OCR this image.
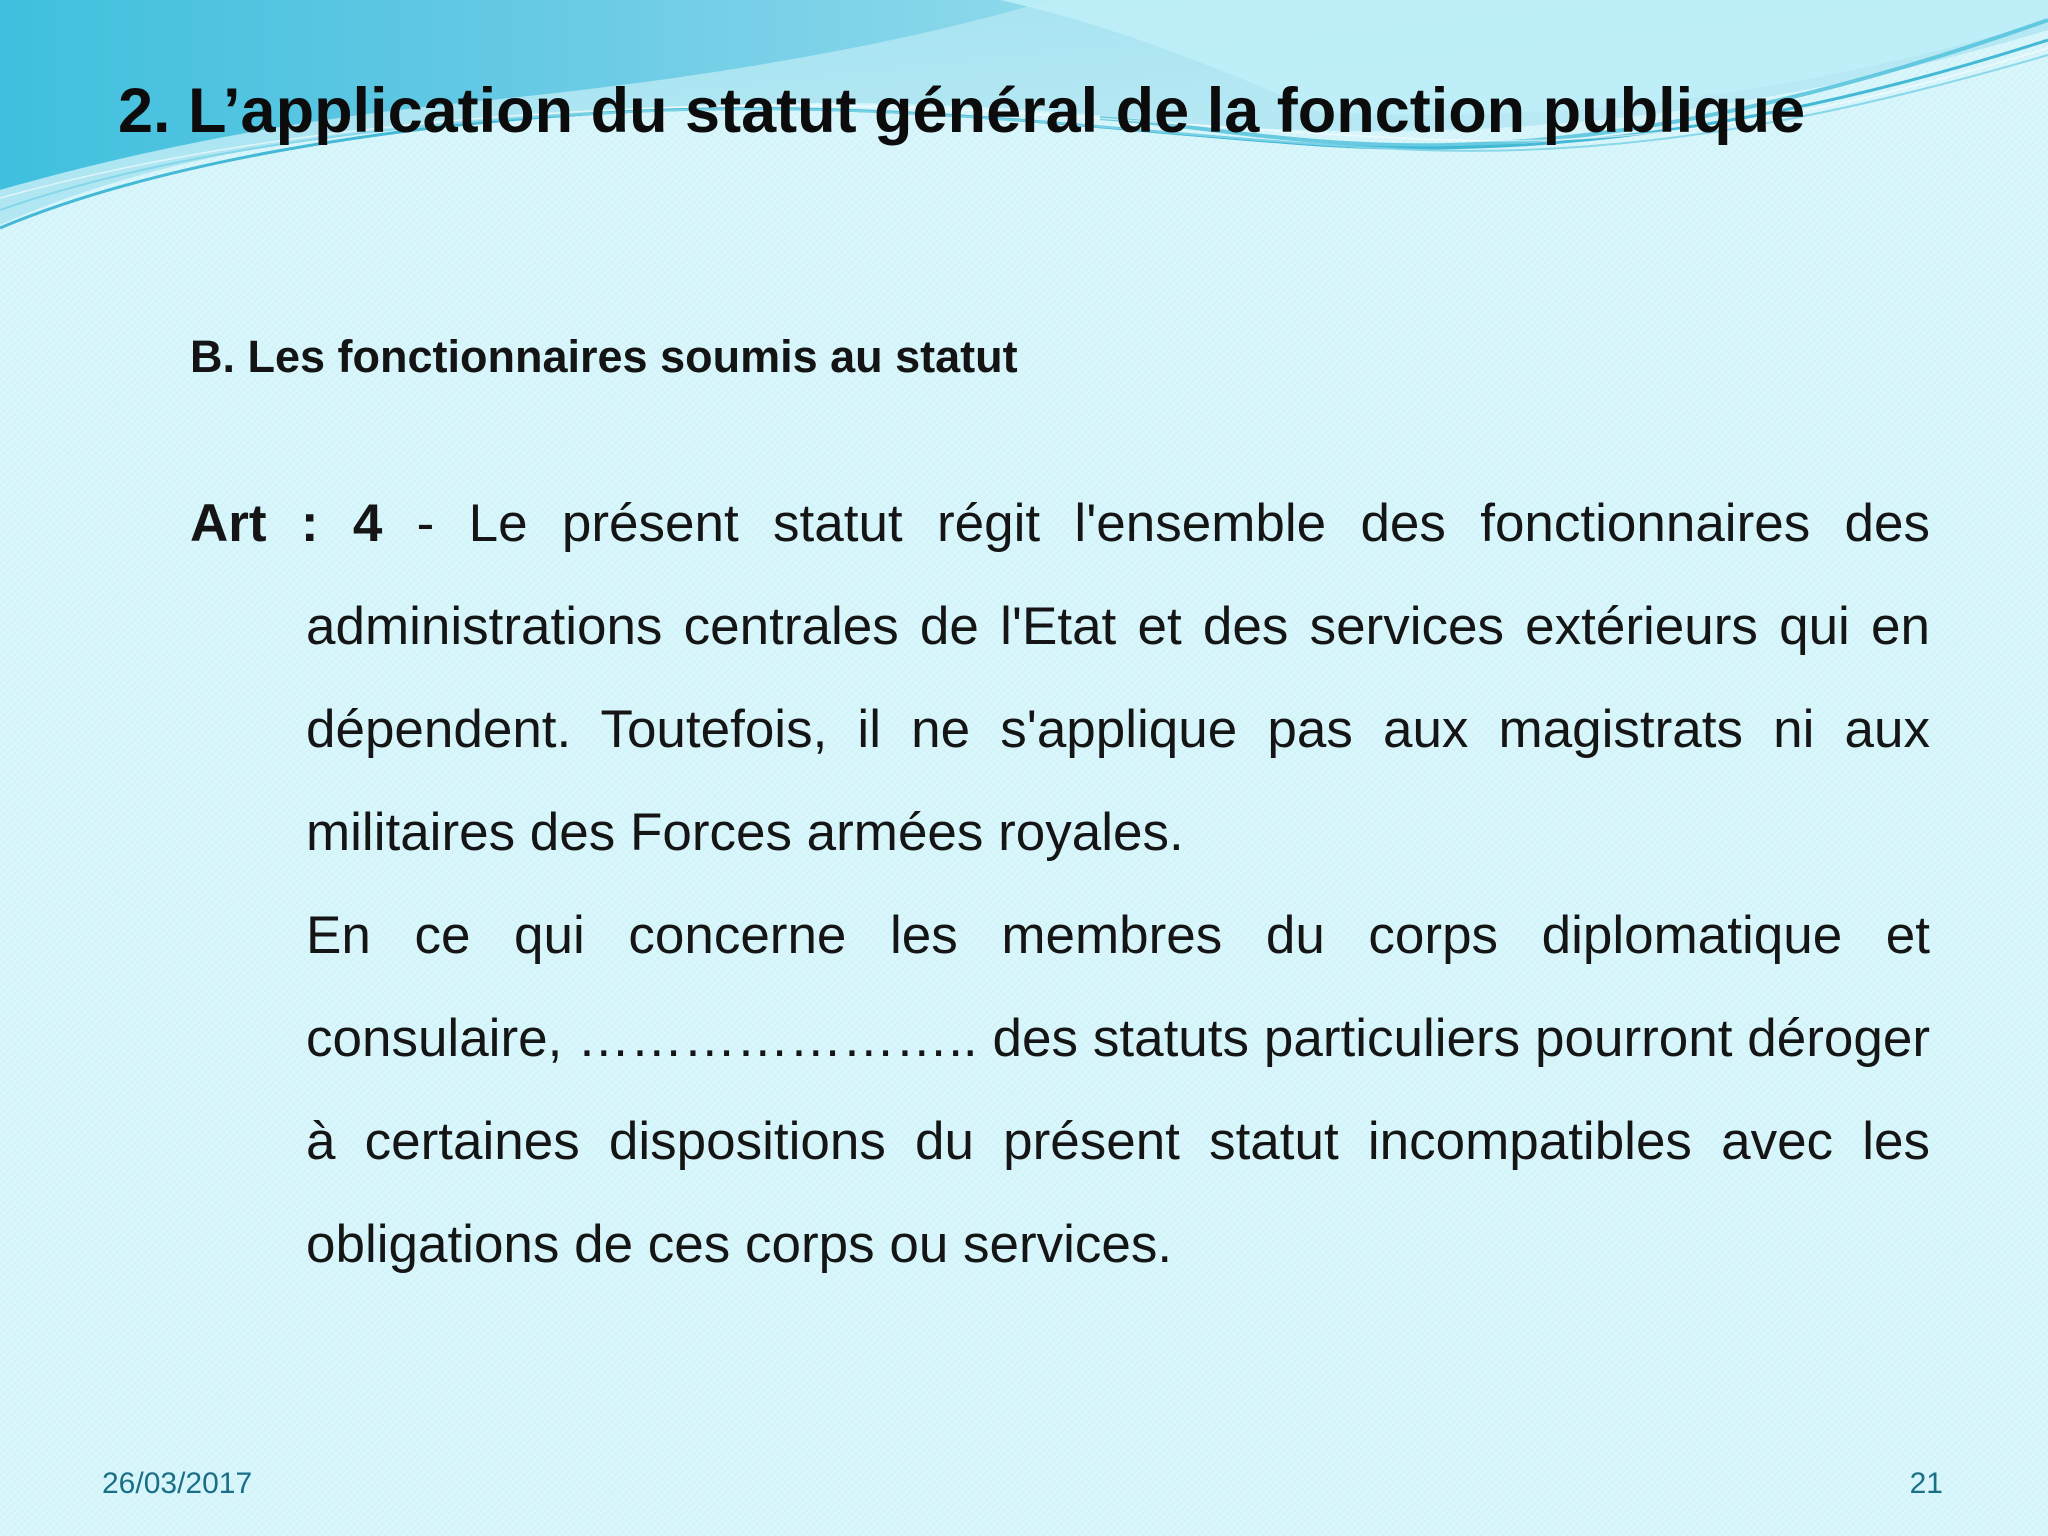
2. L’application du statut général de la fonction publique
B. Les fonctionnaires soumis au statut

Art : 4 - Le présent statut régit l'ensemble des fonctionnaires des administrations centrales de l'Etat et des services extérieurs qui en dépendent. Toutefois, il ne s'applique pas aux magistrats ni aux militaires des Forces armées royales.
En ce qui concerne les membres du corps diplomatique et consulaire, ………………….. des statuts particuliers pourront déroger à certaines dispositions du présent statut incompatibles avec les obligations de ces corps ou services.

26/03/2017	21
